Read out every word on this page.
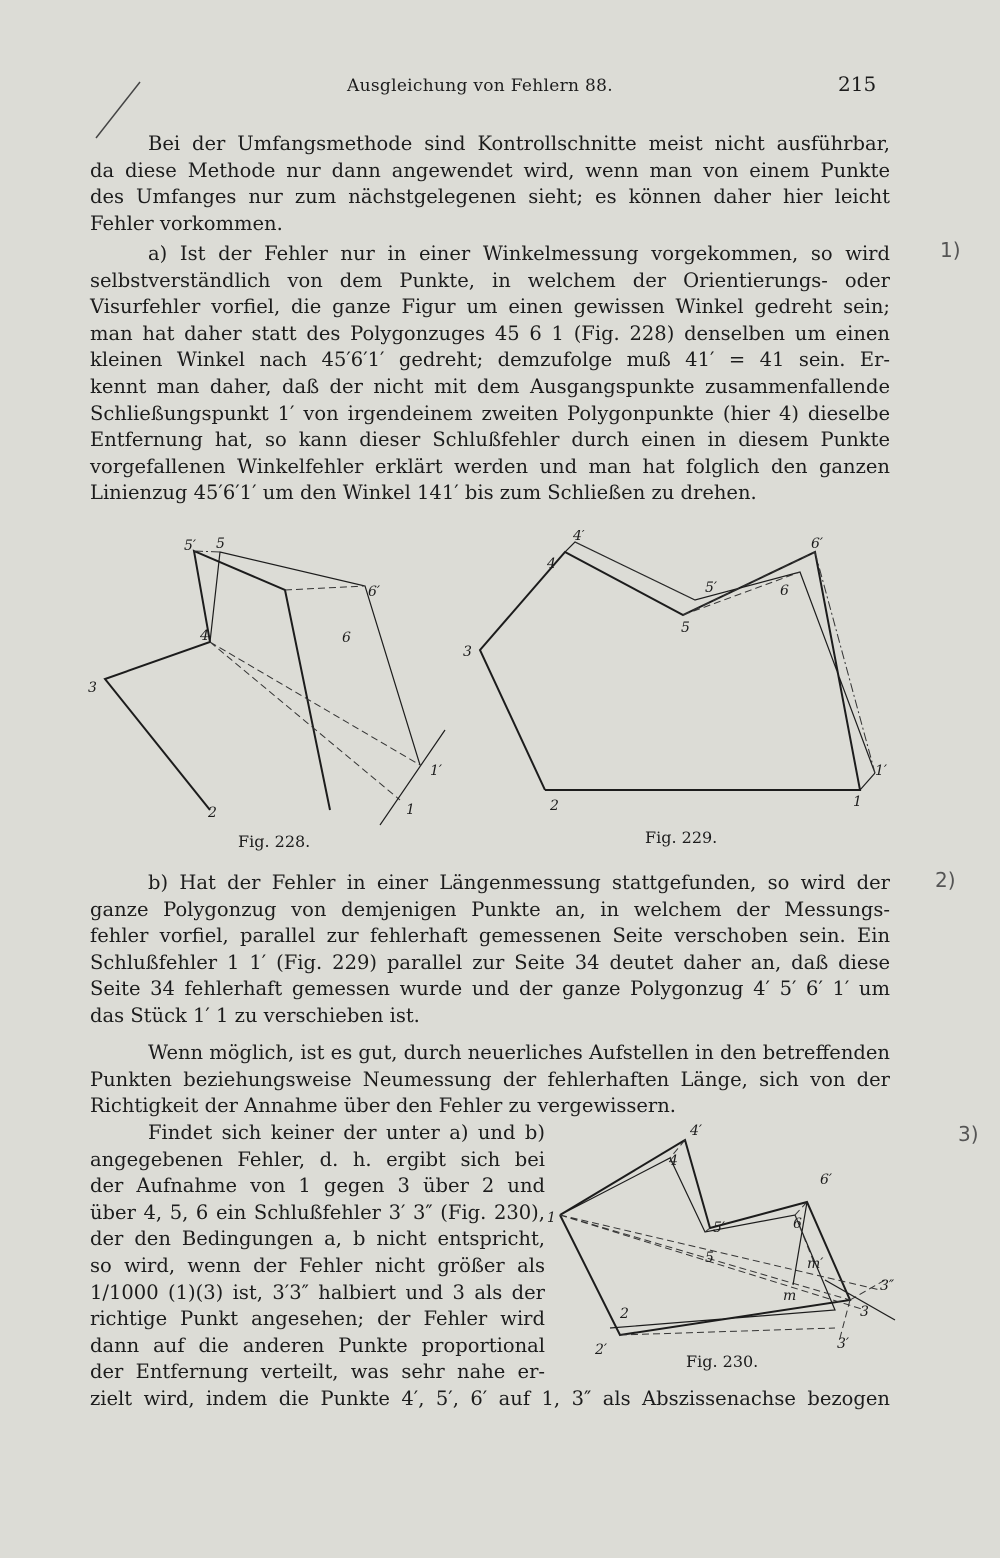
Ausgleichung von Fehlern 88.	215
Bei der Umfangsmethode sind Kontrollschnitte meist nicht ausführbar,
da diese Methode nur dann angewendet wird, wenn man von einem Punkte
des Umfanges nur zum nächstgelegenen sieht; es können daher hier leicht
Fehler vorkommen.
a) Ist der Fehler nur in einer Winkelmessung vorgekommen, so wird
selbstverständlich von dem Punkte, in welchem der Orientierungs- oder
Visurfehler vorfiel, die ganze Figur um einen gewissen Winkel gedreht sein;
man hat daher statt des Polygonzuges 45 6 1 (Fig. 228) denselben um einen
kleinen Winkel nach 45′6′1′ gedreht; demzufolge muß 41′ = 41 sein. Er-
kennt man daher, daß der nicht mit dem Ausgangspunkte zusammenfallende
Schließungspunkt 1′ von irgendeinem zweiten Polygonpunkte (hier 4) dieselbe
Entfernung hat, so kann dieser Schlußfehler durch einen in diesem Punkte
vorgefallenen Winkelfehler erklärt werden und man hat folglich den ganzen
Linienzug 45′6′1′ um den Winkel 141′ bis zum Schließen zu drehen.
5′ 5
6′
6
4
3
1′
1
2
Fig. 228.
4′
4
6′
5′	6
5
3
1′
1
2
Fig. 229.
b) Hat der Fehler in einer Längenmessung stattgefunden, so wird der
ganze Polygonzug von demjenigen Punkte an, in welchem der Messungs-
fehler vorfiel, parallel zur fehlerhaft gemessenen Seite verschoben sein. Ein
Schlußfehler 1 1′ (Fig. 229) parallel zur Seite 34 deutet daher an, daß diese
Seite 34 fehlerhaft gemessen wurde und der ganze Polygonzug 4′ 5′ 6′ 1′ um
das Stück 1′ 1 zu verschieben ist.
Wenn möglich, ist es gut, durch neuerliches Aufstellen in den betreffenden
Punkten beziehungsweise Neumessung der fehlerhaften Länge, sich von der
Richtigkeit der Annahme über den Fehler zu vergewissern.
Findet sich keiner der unter a) und b)
angegebenen Fehler, d. h. ergibt sich bei
der Aufnahme von 1 gegen 3 über 2 und
über 4, 5, 6 ein Schlußfehler 3′ 3″ (Fig. 230),
der den Bedingungen a, b nicht entspricht,
so wird, wenn der Fehler nicht größer als
1/1000 (1)(3) ist, 3′3″ halbiert und 3 als der
richtige Punkt angesehen; der Fehler wird
dann auf die anderen Punkte proportional
der Entfernung verteilt, was sehr nahe er-
4′
4
6′
6
5′
5
1
m′
m
3″
3
3′
2
2′
Fig. 230.
zielt wird, indem die Punkte 4′, 5′, 6′ auf 1, 3″ als Abszissenachse bezogen
1)
2)
3)
